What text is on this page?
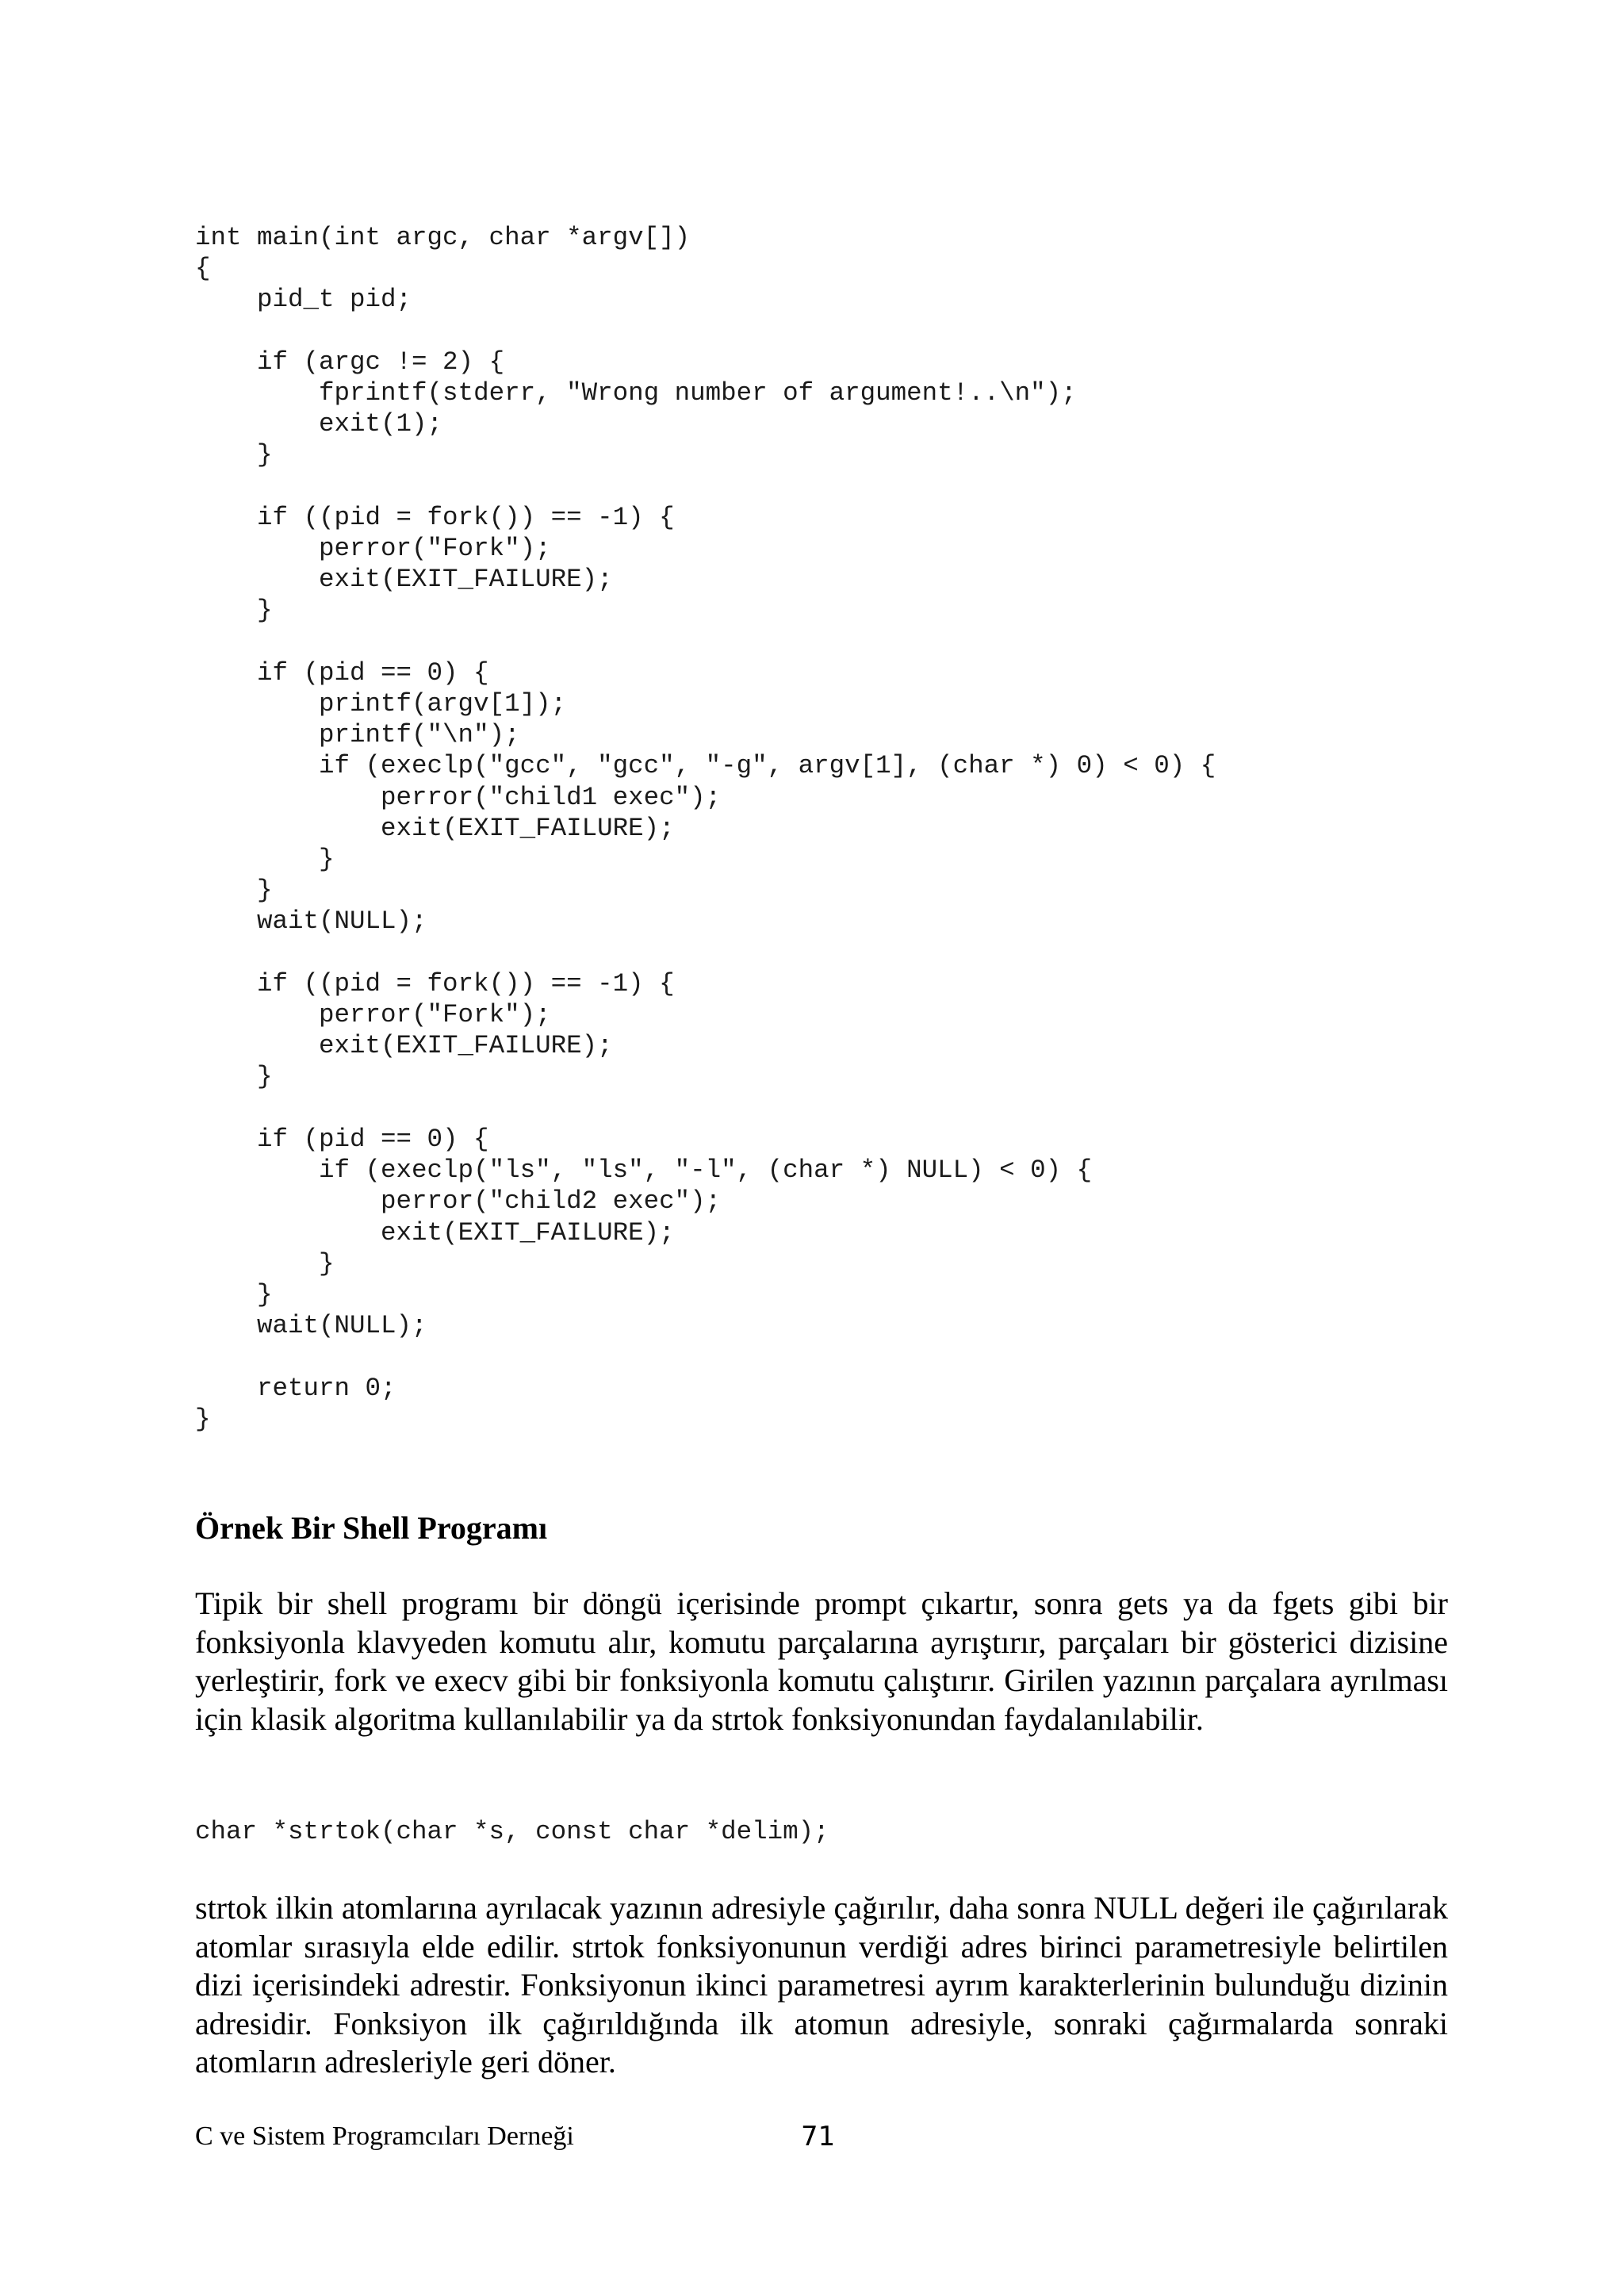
int main(int argc, char *argv[])
{
	pid_t pid;

	if (argc != 2) {
		fprintf(stderr, "Wrong number of argument!..\n");
		exit(1);
	}

	if ((pid = fork()) == -1) {
		perror("Fork");
		exit(EXIT_FAILURE);
	}

	if (pid == 0) {
		printf(argv[1]);
		printf("\n");
		if (execlp("gcc", "gcc", "-g", argv[1], (char *) 0) < 0) {
			perror("child1 exec");
			exit(EXIT_FAILURE);
		}
	}
	wait(NULL);

	if ((pid = fork()) == -1) {
		perror("Fork");
		exit(EXIT_FAILURE);
	}

	if (pid == 0) {
		if (execlp("ls", "ls", "-l", (char *) NULL) < 0) {
			perror("child2 exec");
			exit(EXIT_FAILURE);
		}
	}
	wait(NULL);

	return 0;
}
Örnek Bir Shell Programı

Tipik bir shell programı bir döngü içerisinde prompt çıkartır, sonra gets ya da fgets gibi bir fonksiyonla klavyeden komutu alır, komutu parçalarına ayrıştırır, parçaları bir gösterici dizisine yerleştirir, fork ve execv gibi bir fonksiyonla komutu çalıştırır. Girilen yazının parçalara ayrılması için klasik algoritma kullanılabilir ya da strtok fonksiyonundan faydalanılabilir.

char *strtok(char *s, const char *delim);

strtok ilkin atomlarına ayrılacak yazının adresiyle çağırılır, daha sonra NULL değeri ile çağırılarak atomlar sırasıyla elde edilir. strtok fonksiyonunun verdiği adres birinci parametresiyle belirtilen dizi içerisindeki adrestir. Fonksiyonun ikinci parametresi ayrım karakterlerinin bulunduğu dizinin adresidir. Fonksiyon ilk çağırıldığında ilk atomun adresiyle, sonraki çağırmalarda sonraki atomların adresleriyle geri döner.

C ve Sistem Programcıları Derneği	71
